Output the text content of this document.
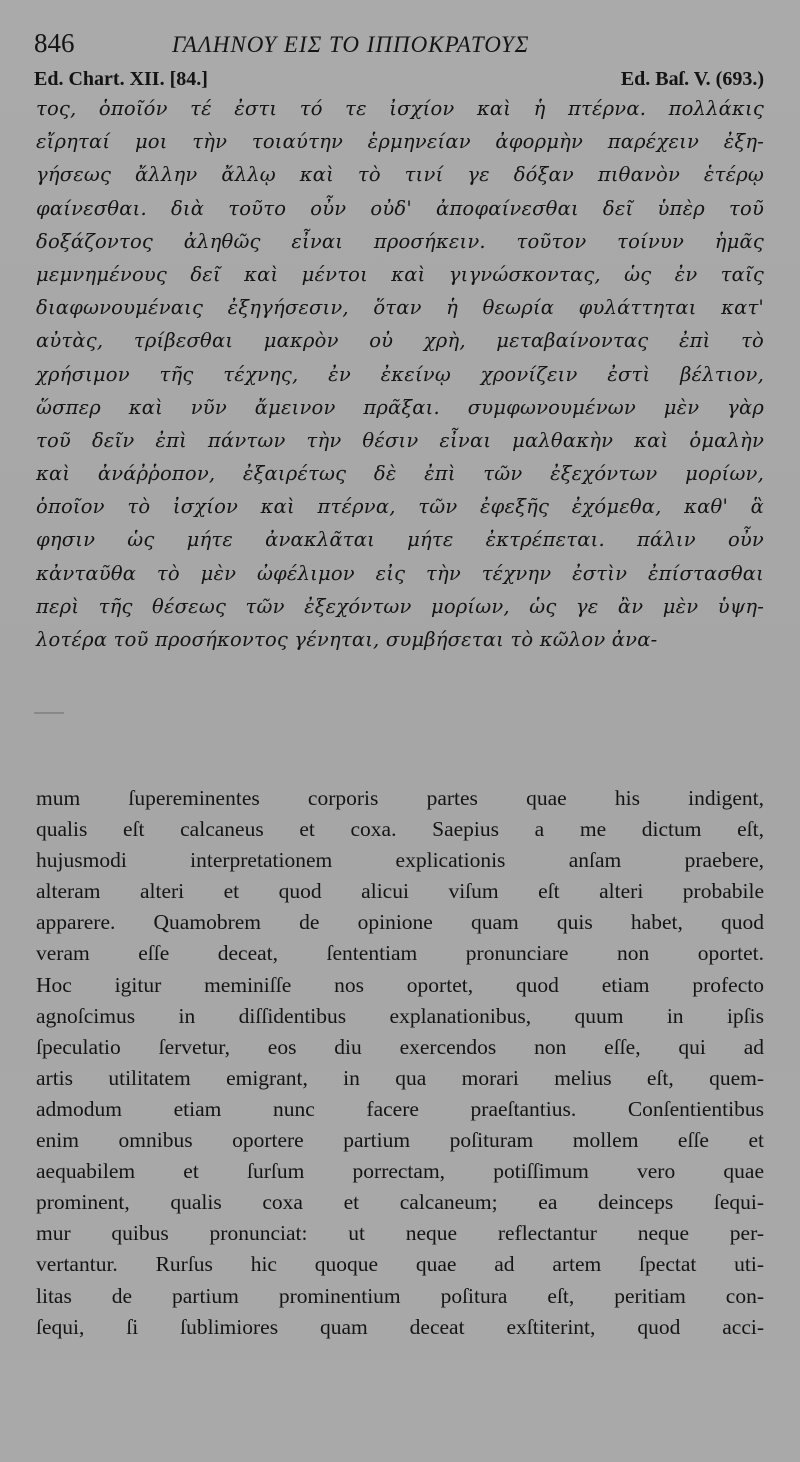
846	ΓΑΛΗΝΟΥ ΕΙΣ ΤΟ ΙΠΠΟΚΡΑΤΟΥΣ
Ed. Chart. XII. [84.]	Ed. Baſ. V. (693.)
τος, ὁποῖόν τέ ἐστι τό τε ἰσχίον καὶ ἡ πτέρνα. πολλάκις
εἴρηταί μοι τὴν τοιαύτην ἑρμηνείαν ἀφορμὴν παρέχειν ἐξη-
γήσεως ἄλλην ἄλλῳ καὶ τὸ τινί γε δόξαν πιθανὸν ἑτέρῳ
φαίνεσθαι. διὰ τοῦτο οὖν οὐδ' ἀποφαίνεσθαι δεῖ ὑπὲρ τοῦ
δοξάζοντος ἀληθῶς εἶναι προσήκειν. τοῦτον τοίνυν ἡμᾶς
μεμνημένους δεῖ καὶ μέντοι καὶ γιγνώσκοντας, ὡς ἐν ταῖς
διαφωνουμέναις ἐξηγήσεσιν, ὅταν ἡ θεωρία φυλάττηται κατ'
αὐτὰς, τρίβεσθαι μακρὸν οὐ χρὴ, μεταβαίνοντας ἐπὶ τὸ
χρήσιμον τῆς τέχνης, ἐν ἐκείνῳ χρονίζειν ἐστὶ βέλτιον,
ὥσπερ καὶ νῦν ἄμεινον πρᾶξαι. συμφωνουμένων μὲν γὰρ
τοῦ δεῖν ἐπὶ πάντων τὴν θέσιν εἶναι μαλθακὴν καὶ ὁμαλὴν
καὶ ἀνάῤῥοπον, ἐξαιρέτως δὲ ἐπὶ τῶν ἐξεχόντων μορίων,
ὁποῖον τὸ ἰσχίον καὶ πτέρνα, τῶν ἐφεξῆς ἐχόμεθα, καθ' ἃ
φησιν ὡς μήτε ἀνακλᾶται μήτε ἐκτρέπεται. πάλιν οὖν
κἀνταῦθα τὸ μὲν ὠφέλιμον εἰς τὴν τέχνην ἐστὶν ἐπίστασθαι
περὶ τῆς θέσεως τῶν ἐξεχόντων μορίων, ὡς γε ἂν μὲν ὑψη-
λοτέρα τοῦ προσήκοντος γένηται, συμβήσεται τὸ κῶλον ἀνα-
mum ſupereminentes corporis partes quae his indigent,
qualis eſt calcaneus et coxa. Saepius a me dictum eſt,
hujusmodi interpretationem explicationis anſam praebere,
alteram alteri et quod alicui viſum eſt alteri probabile
apparere. Quamobrem de opinione quam quis habet, quod
veram eſſe deceat, ſententiam pronunciare non oportet.
Hoc igitur meminiſſe nos oportet, quod etiam profecto
agnoſcimus in diſſidentibus explanationibus, quum in ipſis
ſpeculatio ſervetur, eos diu exercendos non eſſe, qui ad
artis utilitatem emigrant, in qua morari melius eſt, quem-
admodum etiam nunc facere praeſtantius. Conſentientibus
enim omnibus oportere partium poſituram mollem eſſe et
aequabilem et ſurſum porrectam, potiſſimum vero quae
prominent, qualis coxa et calcaneum; ea deinceps ſequi-
mur quibus pronunciat: ut neque reflectantur neque per-
vertantur. Rurſus hic quoque quae ad artem ſpectat uti-
litas de partium prominentium poſitura eſt, peritiam con-
ſequi, ſi ſublimiores quam deceat exſtiterint, quod acci-
